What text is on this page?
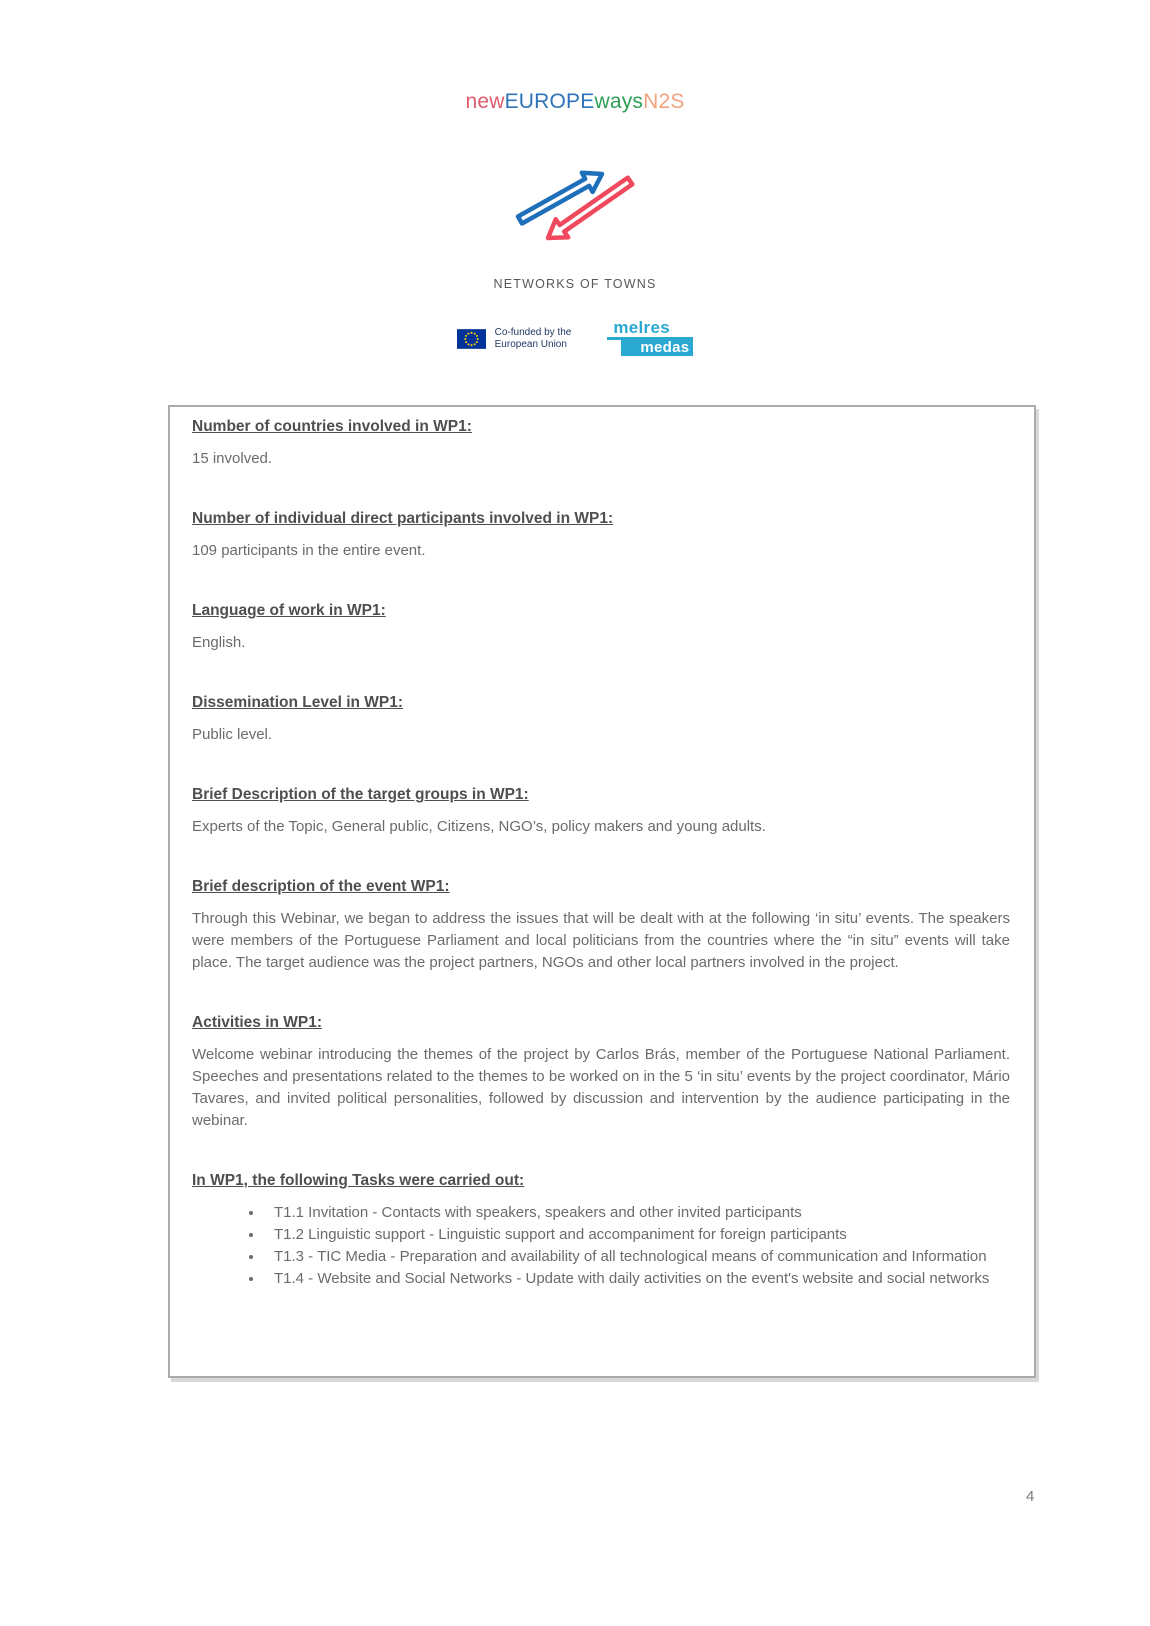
newEUROPEwaysN2S
NETWORKS OF TOWNS
Co-funded by the
European Union
melres
medas
Number of countries involved in WP1:

15 involved.

Number of individual direct participants involved in WP1:

109 participants in the entire event.

Language of work in WP1:

English.

Dissemination Level in WP1:

Public level.

Brief Description of the target groups in WP1:

Experts of the Topic, General public, Citizens, NGO’s, policy makers and young adults.

Brief description of the event WP1:

Through this Webinar, we began to address the issues that will be dealt with at the following ‘in situ’ events. The speakers were members of the Portuguese Parliament and local politicians from the countries where the “in situ” events will take place. The target audience was the project partners, NGOs and other local partners involved in the project.

Activities in WP1:

Welcome webinar introducing the themes of the project by Carlos Brás, member of the Portuguese National Parliament. Speeches and presentations related to the themes to be worked on in the 5 ‘in situ’ events by the project coordinator, Mário Tavares, and invited political personalities, followed by discussion and intervention by the audience participating in the webinar.

In WP1, the following Tasks were carried out:
• T1.1 Invitation - Contacts with speakers, speakers and other invited participants
• T1.2 Linguistic support - Linguistic support and accompaniment for foreign participants
• T1.3 - TIC Media - Preparation and availability of all technological means of communication and Information
• T1.4 - Website and Social Networks - Update with daily activities on the event's website and social networks
4
